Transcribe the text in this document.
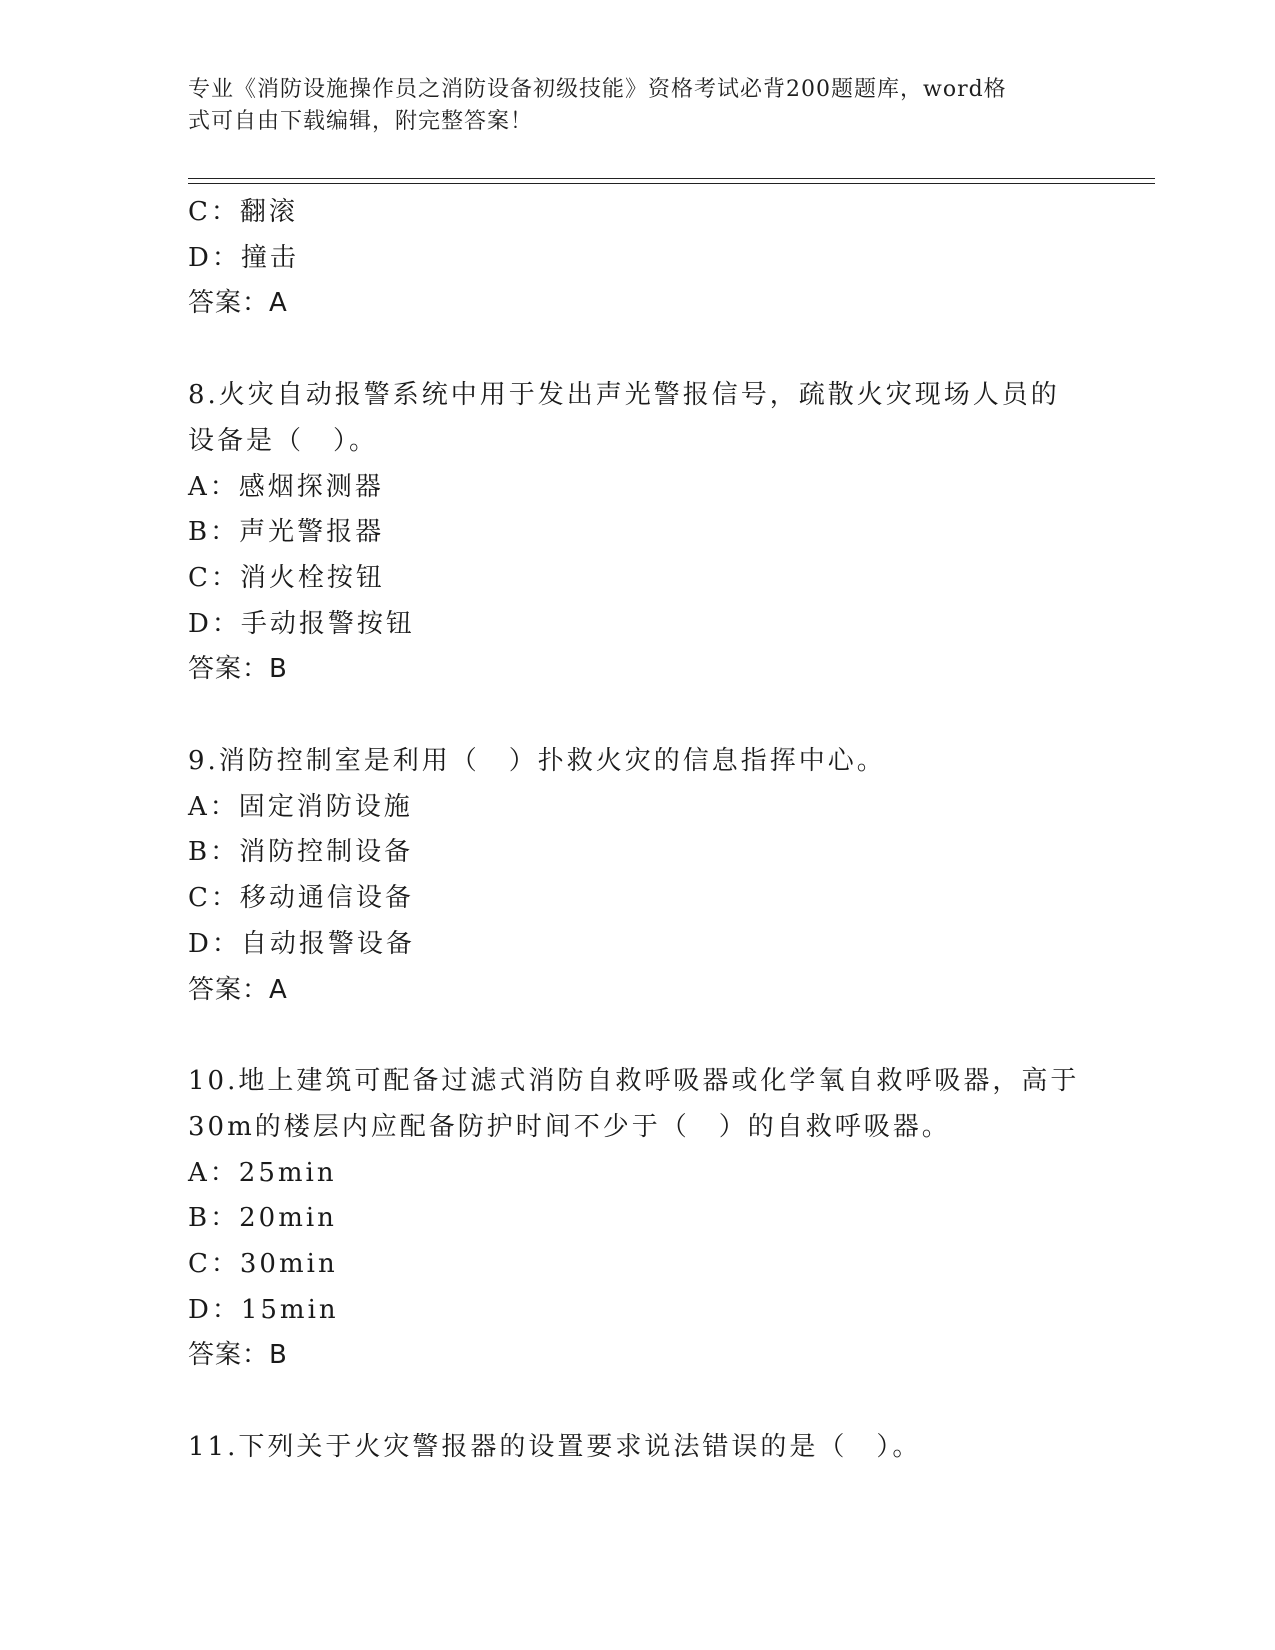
专业《消防设施操作员之消防设备初级技能》资格考试必背200题题库，word格
式可自由下载编辑，附完整答案！
C：翻滚
D：撞击
答案：A
8.火灾自动报警系统中用于发出声光警报信号，疏散火灾现场人员的
设备是（　）。
A：感烟探测器
B：声光警报器
C：消火栓按钮
D：手动报警按钮
答案：B
9.消防控制室是利用（　）扑救火灾的信息指挥中心。
A：固定消防设施
B：消防控制设备
C：移动通信设备
D：自动报警设备
答案：A
10.地上建筑可配备过滤式消防自救呼吸器或化学氧自救呼吸器，高于
30m的楼层内应配备防护时间不少于（　）的自救呼吸器。
A：25min
B：20min
C：30min
D：15min
答案：B
11.下列关于火灾警报器的设置要求说法错误的是（　）。
